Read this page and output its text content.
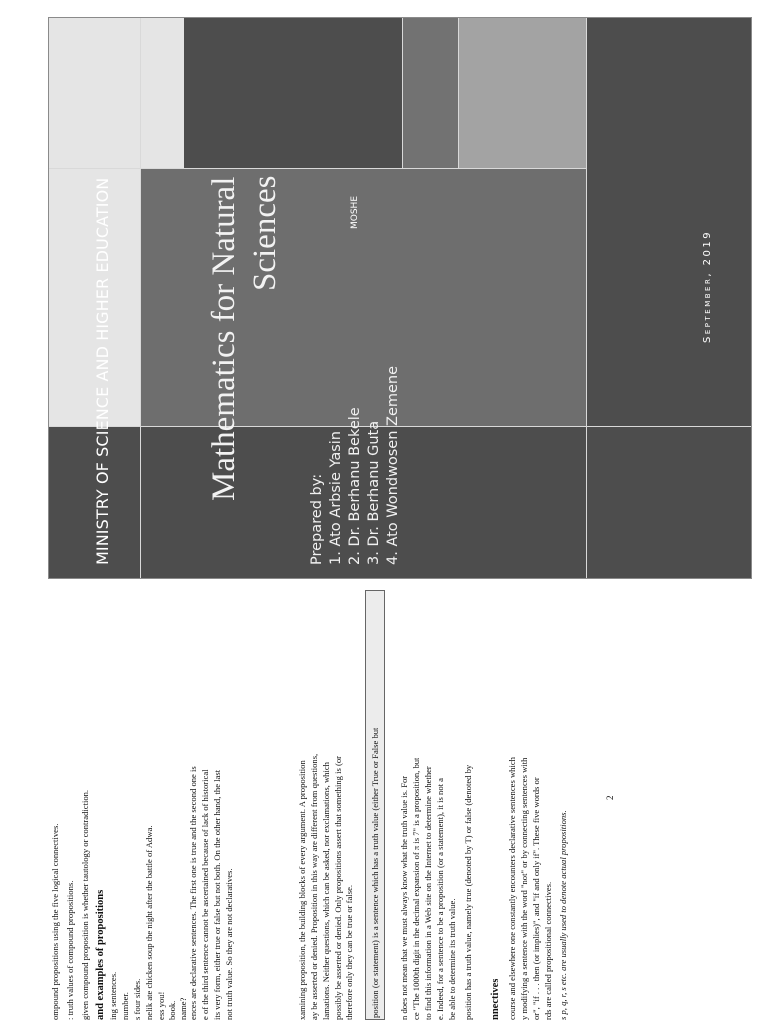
MINISTRY OF SCIENCE AND HIGHER EDUCATION	Mathematics for Natural Sciences	MOSHE
Prepared by: 1. Ato Arbsie Yasin 2. Dr. Berhanu Bekele 3. Dr. Berhanu Guta 4. Ato Wondwosen Zemene
September, 2019
ompound propositions using the five logical connectives. : truth values of compound propositions. given compound proposition is whether tautology or contradiction. and examples of propositions ing sentences. number. s four sides. nelik ate chicken soup the night after the battle of Adwa. ess you! book. name? ences are declarative sentences. The first one is true and the second one is e of the third sentence cannot be ascertained because of lack of historical its very form, either true or false but not both. On the other hand, the last not truth value. So they are not declaratives.	xamining proposition, the building blocks of every argument. A proposition ay be asserted or denied. Proposition in this way are different from questions, lamations. Neither questions, which can be asked, nor exclamations, which possibly be asserted or denied. Only propositions assert that something is (or therefore only they can be true or false. position (or statement) is a sentence which has a truth value (either True or False but n does not mean that we must always know what the truth value is. For ce "The 1000th digit in the decimal expansion of π is 7" is a proposition, but to find this information in a Web site on the Internet to determine whether e. Indeed, for a sentence to be a proposition (or a statement), it is not a be able to determine its truth value. position has a truth value, namely true (denoted by T) or false (denoted by nnectives course and elsewhere one constantly encounters declarative sentences which y modifying a sentence with the word "not" or by connecting sentences with or", "if . . . then (or implies)", and "if and only if". These five words or rds are called propositional connectives. s p, q, r, s etc. are usually used to denote actual propositions.
2
